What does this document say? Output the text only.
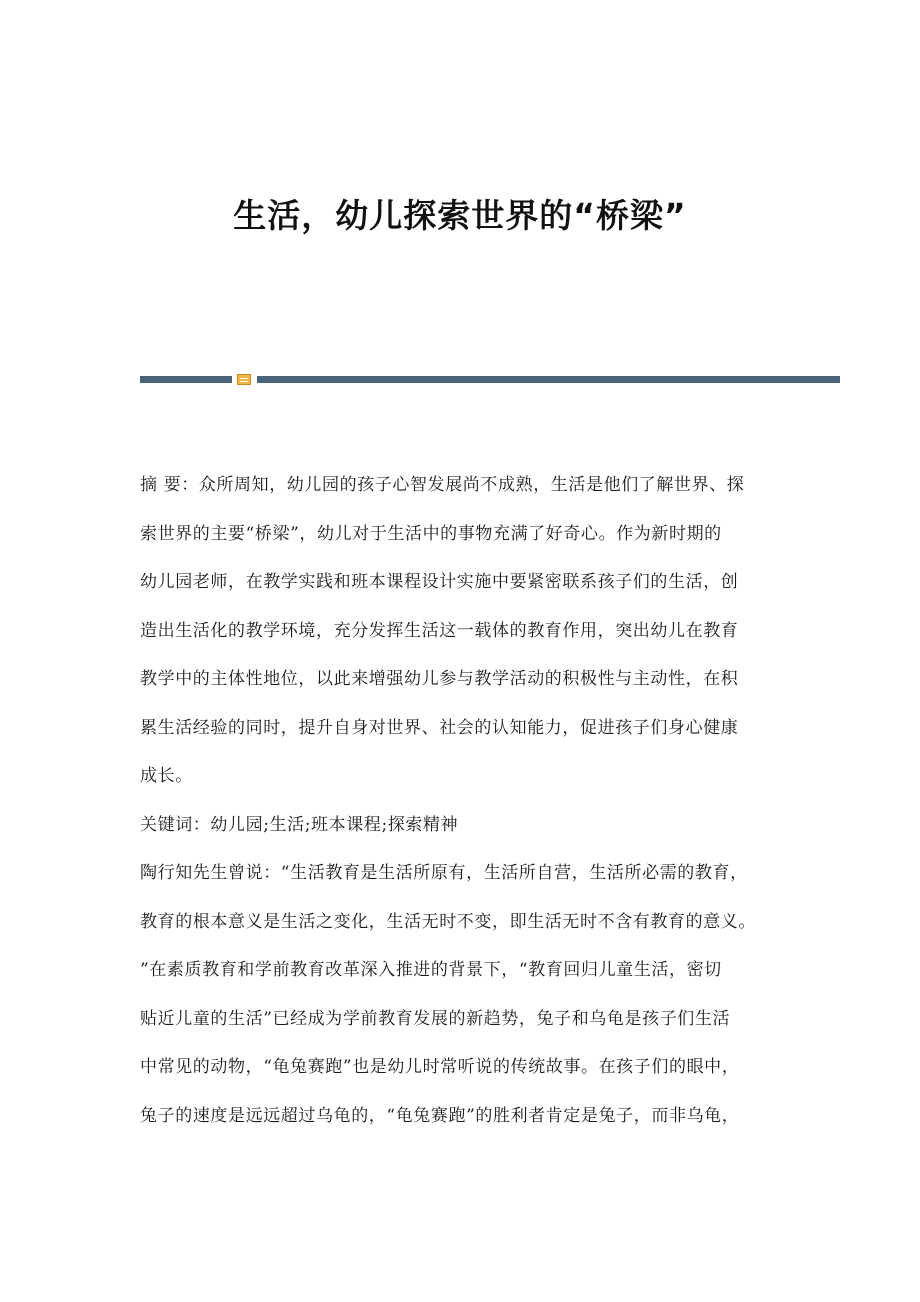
生活，幼儿探索世界的“桥梁”
摘 要：众所周知，幼儿园的孩子心智发展尚不成熟，生活是他们了解世界、探
索世界的主要“桥梁”，幼儿对于生活中的事物充满了好奇心。作为新时期的
幼儿园老师，在教学实践和班本课程设计实施中要紧密联系孩子们的生活，创
造出生活化的教学环境，充分发挥生活这一载体的教育作用，突出幼儿在教育
教学中的主体性地位，以此来增强幼儿参与教学活动的积极性与主动性，在积
累生活经验的同时，提升自身对世界、社会的认知能力，促进孩子们身心健康
成长。
关键词：幼儿园;生活;班本课程;探索精神
陶行知先生曾说：“生活教育是生活所原有，生活所自营，生活所必需的教育，
教育的根本意义是生活之变化，生活无时不变，即生活无时不含有教育的意义。
”在素质教育和学前教育改革深入推进的背景下，“教育回归儿童生活，密切
贴近儿童的生活”已经成为学前教育发展的新趋势，兔子和乌龟是孩子们生活
中常见的动物，“龟兔赛跑”也是幼儿时常听说的传统故事。在孩子们的眼中，
兔子的速度是远远超过乌龟的，“龟兔赛跑”的胜利者肯定是兔子，而非乌龟，
